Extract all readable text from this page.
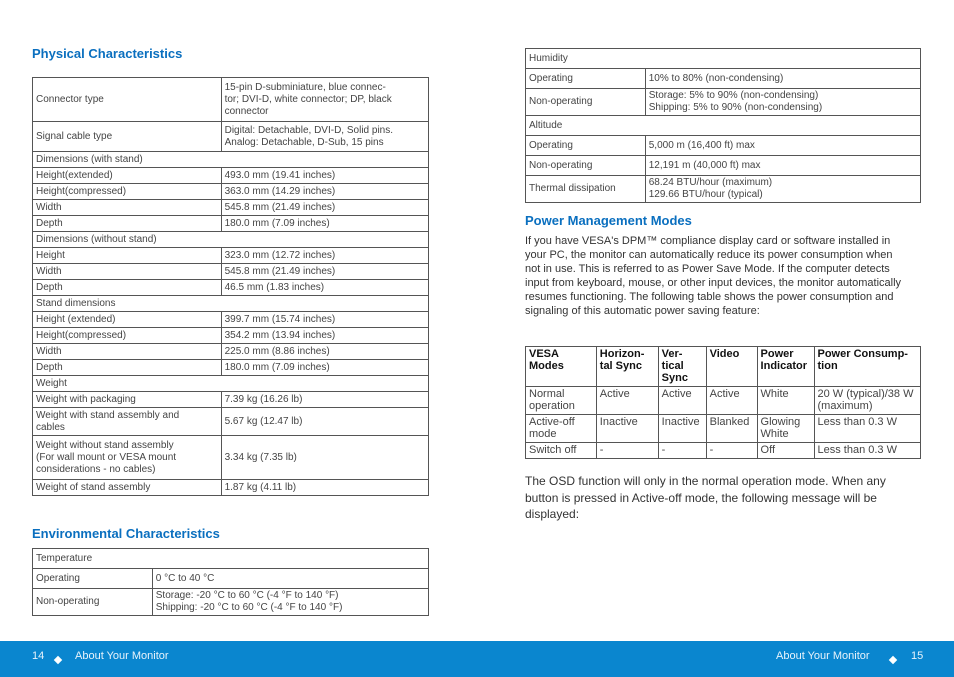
Physical Characteristics
Connector type	15-pin D-subminiature, blue connec-
tor; DVI-D, white connector; DP, black
connector
Signal cable type	Digital: Detachable, DVI-D, Solid pins.
Analog: Detachable, D-Sub, 15 pins
Dimensions (with stand)	
Height(extended)	493.0 mm (19.41 inches)
Height(compressed)	363.0 mm (14.29 inches)
Width	545.8 mm (21.49 inches)
Depth	180.0 mm (7.09 inches)
Dimensions (without stand)	
Height	323.0 mm (12.72 inches)
Width	545.8 mm (21.49 inches)
Depth	46.5 mm (1.83 inches)
Stand dimensions	
Height (extended)	399.7 mm (15.74 inches)
Height(compressed)	354.2 mm (13.94 inches)
Width	225.0 mm (8.86 inches)
Depth	180.0 mm (7.09 inches)
Weight	
Weight with packaging	7.39 kg (16.26 lb)
Weight with stand assembly and
cables	5.67 kg (12.47 lb)
Weight without stand assembly
(For wall mount or VESA mount
considerations - no cables)	3.34 kg (7.35 lb)
Weight of stand assembly	1.87 kg (4.11 lb)
Environmental Characteristics
Temperature	
Operating	0 °C to 40 °C
Non-operating	Storage: -20 °C to 60 °C (-4 °F to 140 °F)
Shipping: -20 °C to 60 °C (-4 °F to 140 °F)
Humidity	
Operating	10% to 80% (non-condensing)
Non-operating	Storage: 5% to 90% (non-condensing)
Shipping: 5% to 90% (non-condensing)
Altitude	
Operating	5,000 m (16,400 ft) max
Non-operating	12,191 m (40,000 ft) max
Thermal dissipation	68.24 BTU/hour (maximum)
129.66 BTU/hour (typical)
Power Management Modes

If you have VESA's DPM™ compliance display card or software installed in your PC, the monitor can automatically reduce its power consumption when not in use. This is referred to as Power Save Mode. If the computer detects input from keyboard, mouse, or other input devices, the monitor automatically resumes functioning. The following table shows the power consumption and signaling of this automatic power saving feature:

VESA
Modes	Horizon-
tal Sync	Ver-
tical
Sync	Video	Power
Indicator	Power Consump-
tion
Normal
operation	Active	Active	Active	White	20 W (typical)/38 W
(maximum)
Active-off
mode	Inactive	Inactive	Blanked	Glowing
White	Less than 0.3 W
Switch off	-	-	-	Off	Less than 0.3 W

The OSD function will only in the normal operation mode. When any button is pressed in Active-off mode, the following message will be displayed:

14	About Your Monitor	About Your Monitor	15
